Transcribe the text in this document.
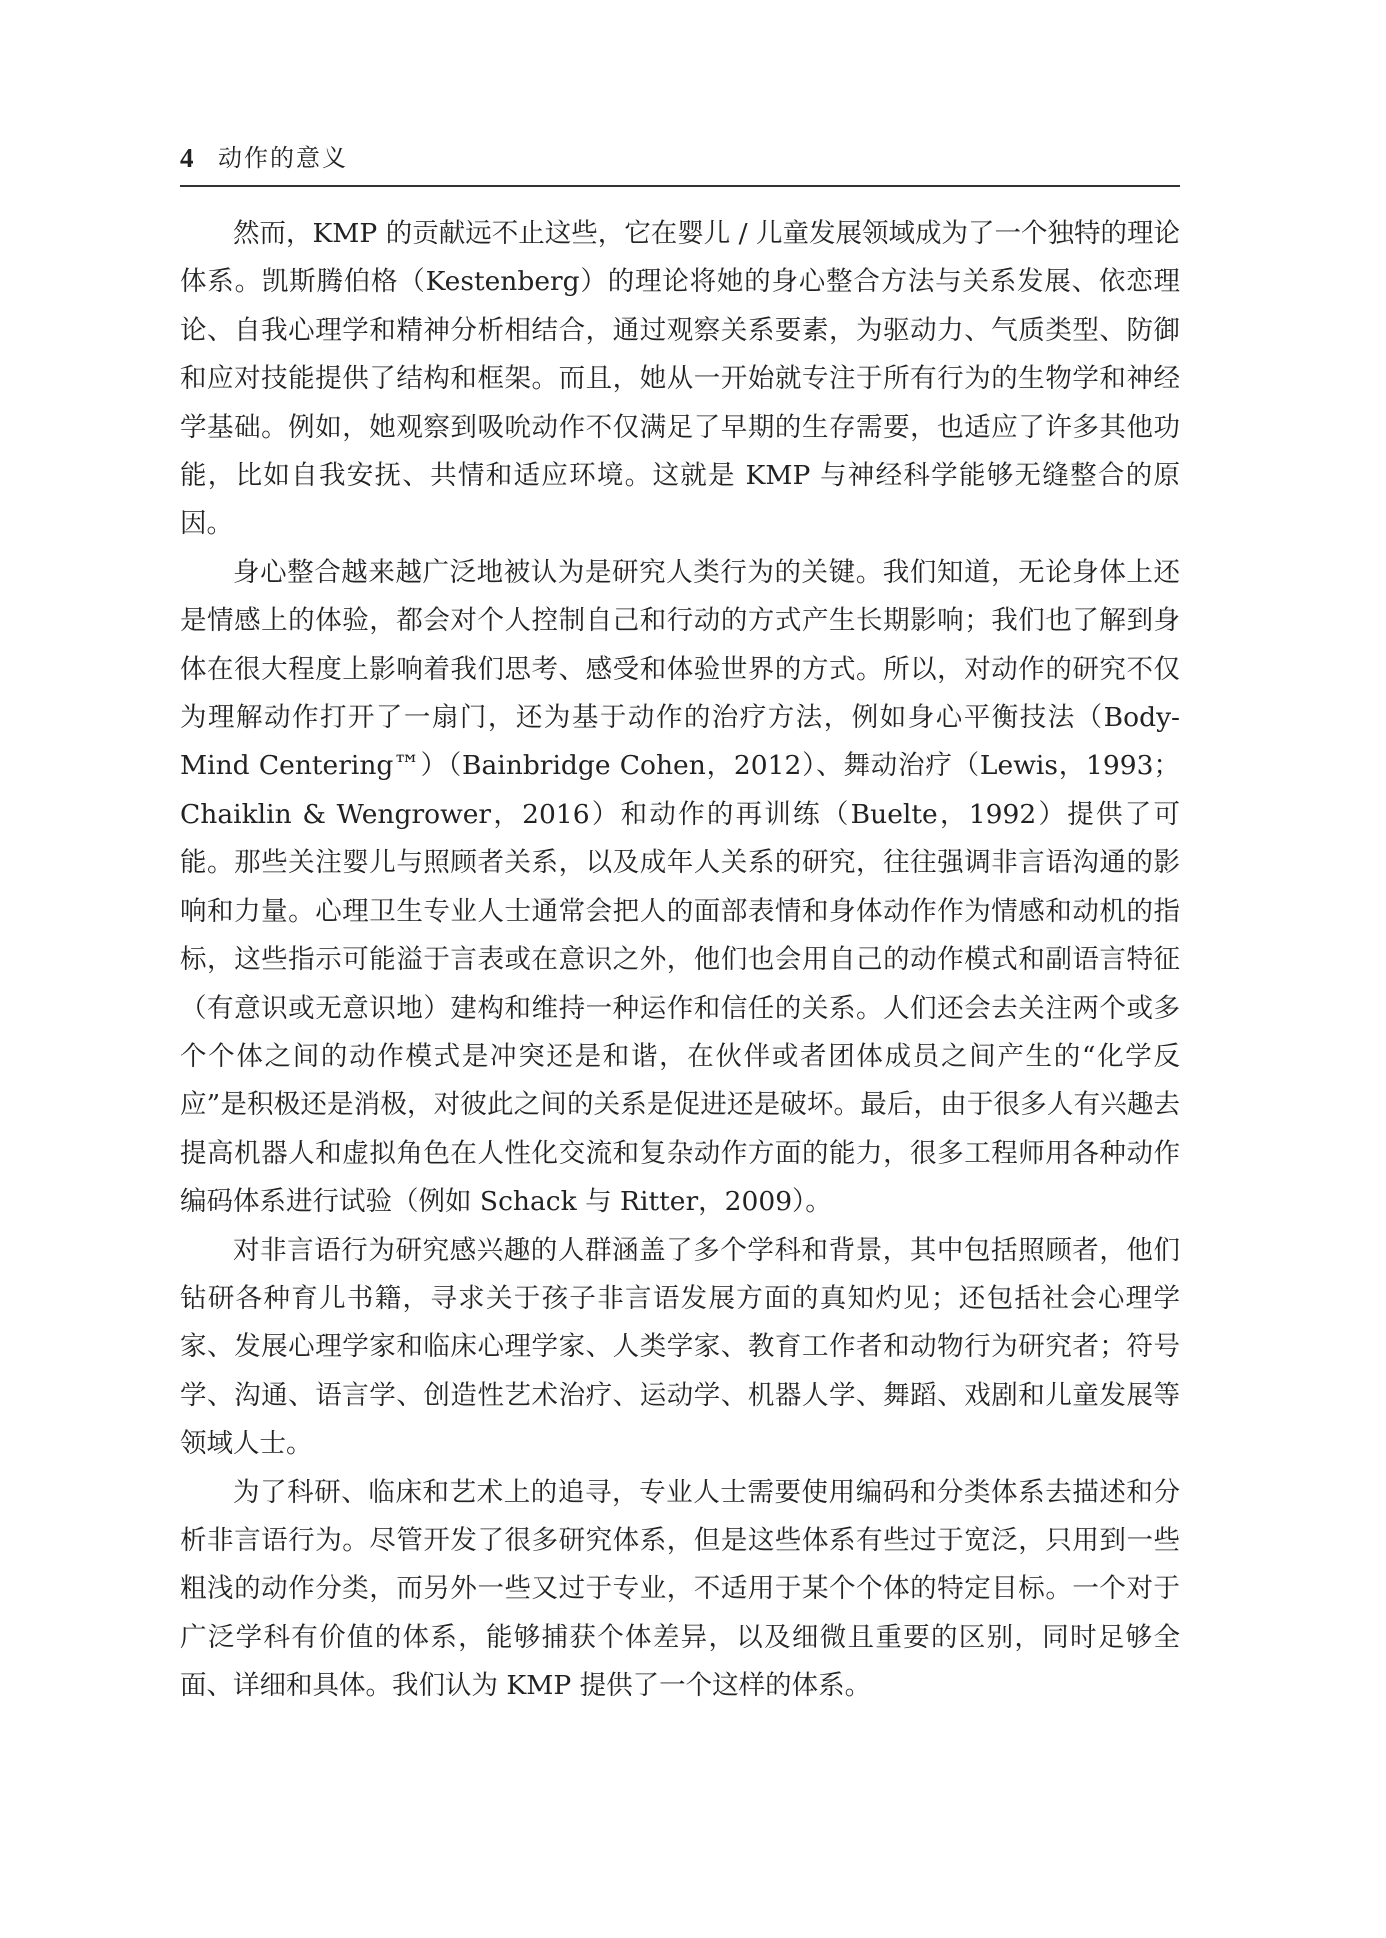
4 动作的意义

然而，KMP 的贡献远不止这些，它在婴儿 / 儿童发展领域成为了一个独特的理论体系。凯斯腾伯格（Kestenberg）的理论将她的身心整合方法与关系发展、依恋理论、自我心理学和精神分析相结合，通过观察关系要素，为驱动力、气质类型、防御和应对技能提供了结构和框架。而且，她从一开始就专注于所有行为的生物学和神经学基础。例如，她观察到吸吮动作不仅满足了早期的生存需要，也适应了许多其他功能，比如自我安抚、共情和适应环境。这就是 KMP 与神经科学能够无缝整合的原因。

身心整合越来越广泛地被认为是研究人类行为的关键。我们知道，无论身体上还是情感上的体验，都会对个人控制自己和行动的方式产生长期影响；我们也了解到身体在很大程度上影响着我们思考、感受和体验世界的方式。所以，对动作的研究不仅为理解动作打开了一扇门，还为基于动作的治疗方法，例如身心平衡技法（Body-Mind Centering™）（Bainbridge Cohen，2012）、舞动治疗（Lewis，1993；Chaiklin & Wengrower，2016）和动作的再训练（Buelte，1992）提供了可能。那些关注婴儿与照顾者关系，以及成年人关系的研究，往往强调非言语沟通的影响和力量。心理卫生专业人士通常会把人的面部表情和身体动作作为情感和动机的指标，这些指示可能溢于言表或在意识之外，他们也会用自己的动作模式和副语言特征（有意识或无意识地）建构和维持一种运作和信任的关系。人们还会去关注两个或多个个体之间的动作模式是冲突还是和谐，在伙伴或者团体成员之间产生的“化学反应”是积极还是消极，对彼此之间的关系是促进还是破坏。最后，由于很多人有兴趣去提高机器人和虚拟角色在人性化交流和复杂动作方面的能力，很多工程师用各种动作编码体系进行试验（例如 Schack 与 Ritter，2009）。

对非言语行为研究感兴趣的人群涵盖了多个学科和背景，其中包括照顾者，他们钻研各种育儿书籍，寻求关于孩子非言语发展方面的真知灼见；还包括社会心理学家、发展心理学家和临床心理学家、人类学家、教育工作者和动物行为研究者；符号学、沟通、语言学、创造性艺术治疗、运动学、机器人学、舞蹈、戏剧和儿童发展等领域人士。

为了科研、临床和艺术上的追寻，专业人士需要使用编码和分类体系去描述和分析非言语行为。尽管开发了很多研究体系，但是这些体系有些过于宽泛，只用到一些粗浅的动作分类，而另外一些又过于专业，不适用于某个个体的特定目标。一个对于广泛学科有价值的体系，能够捕获个体差异，以及细微且重要的区别，同时足够全面、详细和具体。我们认为 KMP 提供了一个这样的体系。
